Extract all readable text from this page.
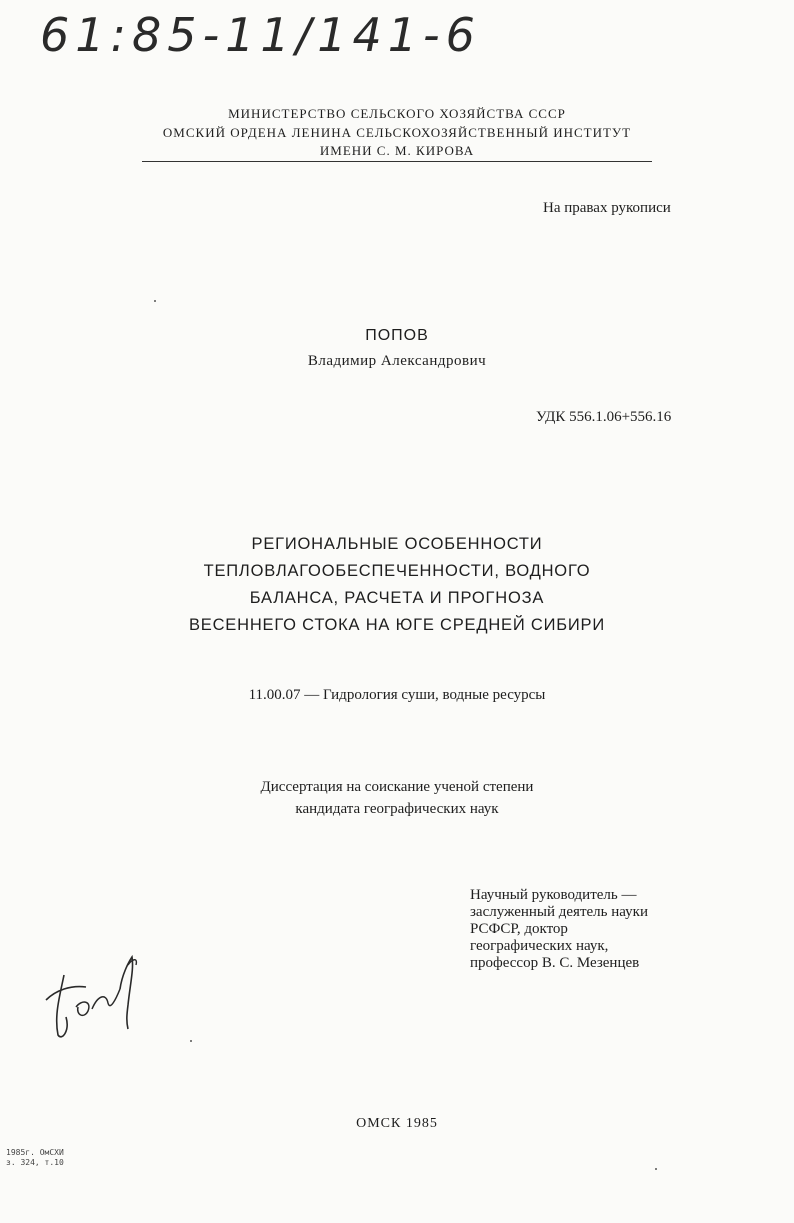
61:85-11/141-6
МИНИСТЕРСТВО СЕЛЬСКОГО ХОЗЯЙСТВА СССР
ОМСКИЙ ОРДЕНА ЛЕНИНА СЕЛЬСКОХОЗЯЙСТВЕННЫЙ ИНСТИТУТ
ИМЕНИ С. М. КИРОВА
На правах рукописи
ПОПОВ
Владимир Александрович
УДК 556.1.06+556.16
РЕГИОНАЛЬНЫЕ ОСОБЕННОСТИ
ТЕПЛОВЛАГООБЕСПЕЧЕННОСТИ, ВОДНОГО
БАЛАНСА, РАСЧЕТА И ПРОГНОЗА
ВЕСЕННЕГО СТОКА НА ЮГЕ СРЕДНЕЙ СИБИРИ
11.00.07 — Гидрология суши, водные ресурсы
Диссертация на соискание ученой степени
кандидата географических наук
Научный руководитель —
заслуженный деятель науки
РСФСР, доктор
географических наук,
профессор В. С. Мезенцев
ОМСК 1985
1985г. ОмСХИ
з. 324, т.10
